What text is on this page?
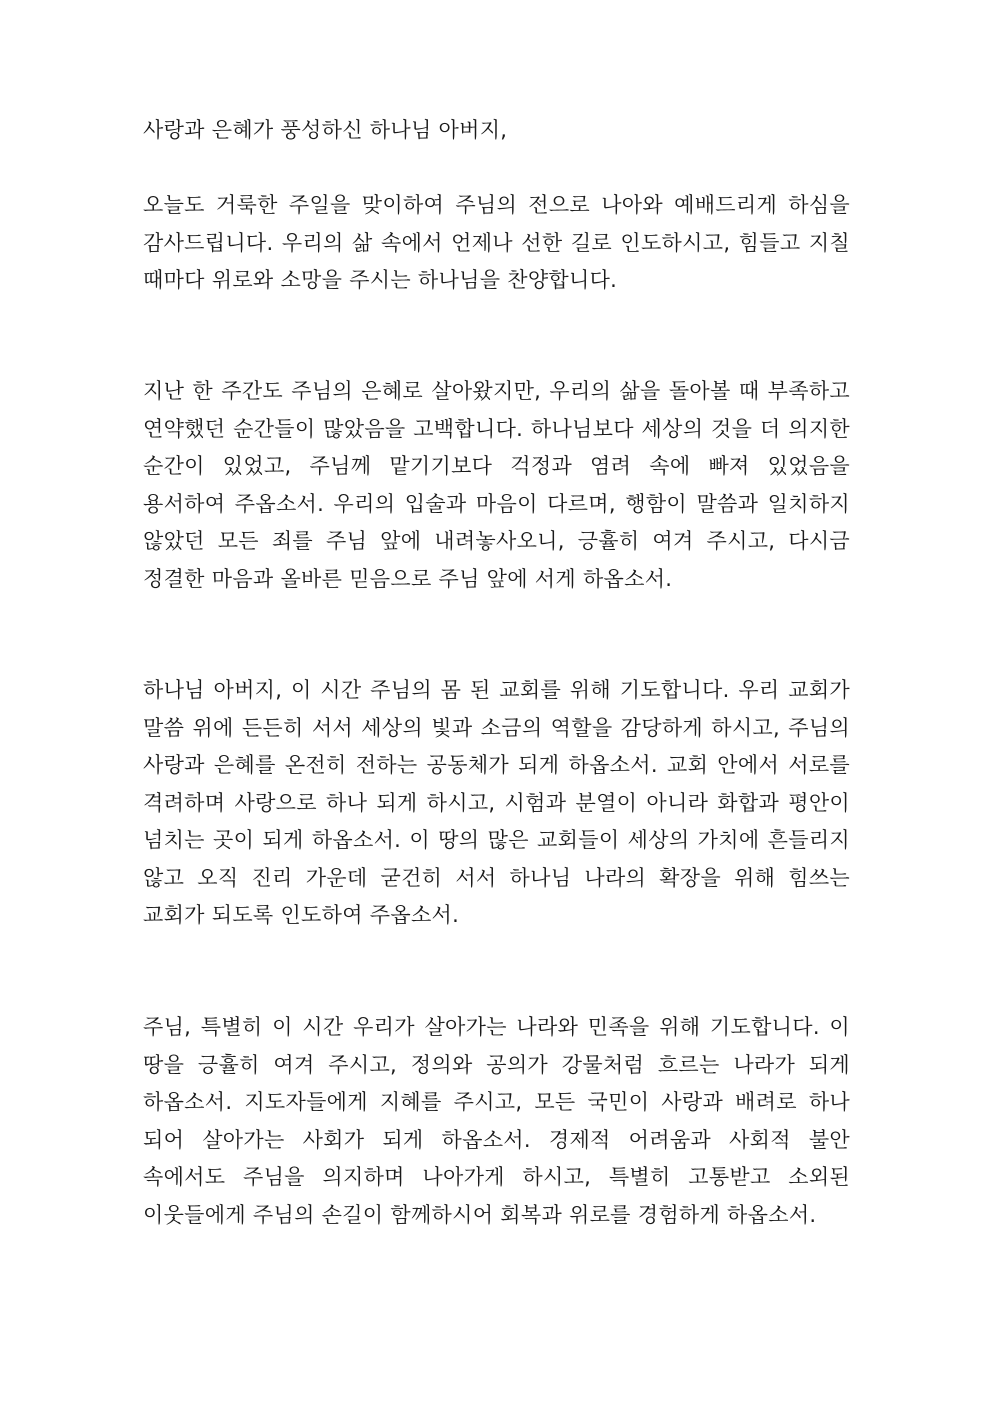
사랑과 은혜가 풍성하신 하나님 아버지,

오늘도 거룩한 주일을 맞이하여 주님의 전으로 나아와 예배드리게 하심을 감사드립니다. 우리의 삶 속에서 언제나 선한 길로 인도하시고, 힘들고 지칠 때마다 위로와 소망을 주시는 하나님을 찬양합니다.

지난 한 주간도 주님의 은혜로 살아왔지만, 우리의 삶을 돌아볼 때 부족하고 연약했던 순간들이 많았음을 고백합니다. 하나님보다 세상의 것을 더 의지한 순간이 있었고, 주님께 맡기기보다 걱정과 염려 속에 빠져 있었음을 용서하여 주옵소서. 우리의 입술과 마음이 다르며, 행함이 말씀과 일치하지 않았던 모든 죄를 주님 앞에 내려놓사오니, 긍휼히 여겨 주시고, 다시금 정결한 마음과 올바른 믿음으로 주님 앞에 서게 하옵소서.

하나님 아버지, 이 시간 주님의 몸 된 교회를 위해 기도합니다. 우리 교회가 말씀 위에 든든히 서서 세상의 빛과 소금의 역할을 감당하게 하시고, 주님의 사랑과 은혜를 온전히 전하는 공동체가 되게 하옵소서. 교회 안에서 서로를 격려하며 사랑으로 하나 되게 하시고, 시험과 분열이 아니라 화합과 평안이 넘치는 곳이 되게 하옵소서. 이 땅의 많은 교회들이 세상의 가치에 흔들리지 않고 오직 진리 가운데 굳건히 서서 하나님 나라의 확장을 위해 힘쓰는 교회가 되도록 인도하여 주옵소서.

주님, 특별히 이 시간 우리가 살아가는 나라와 민족을 위해 기도합니다. 이 땅을 긍휼히 여겨 주시고, 정의와 공의가 강물처럼 흐르는 나라가 되게 하옵소서. 지도자들에게 지혜를 주시고, 모든 국민이 사랑과 배려로 하나 되어 살아가는 사회가 되게 하옵소서. 경제적 어려움과 사회적 불안 속에서도 주님을 의지하며 나아가게 하시고, 특별히 고통받고 소외된 이웃들에게 주님의 손길이 함께하시어 회복과 위로를 경험하게 하옵소서.
